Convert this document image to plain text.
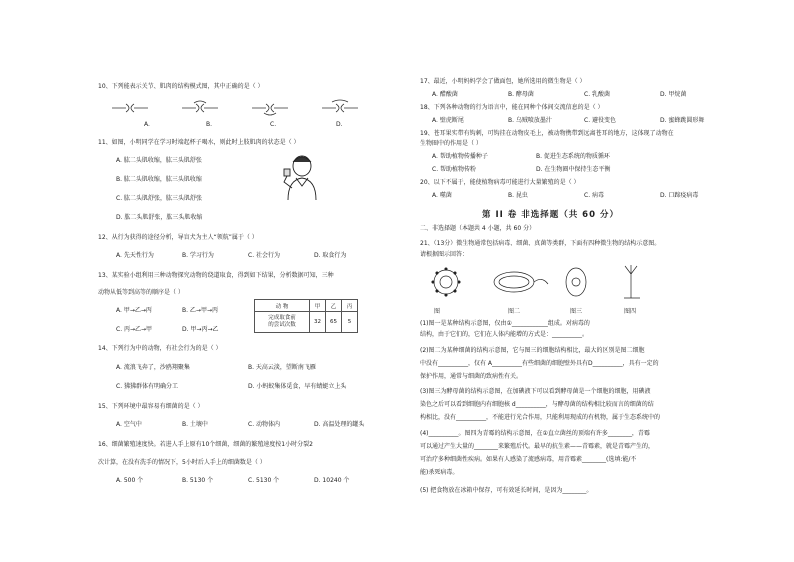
10、下列能表示关节、肌肉的结构模式图，其中正确的是（ ）
A.	B.	C.	D.
11、如图，小明同学在学习时端起杯子喝水，则此时上肢肌肉的状态是（ ）
A. 肱二头肌收缩，肱三头肌舒张
B. 肱二头肌收缩，肱三头肌收缩
C. 肱二头肌舒张，肱三头肌舒张
D. 肱二头肌舒张，肱三头肌收缩
12、从行为获得的途径分析，导盲犬为主人“领航”属于（ ）
A. 先天性行为	B. 学习行为	C. 社会行为	D. 取食行为
13、某实验小组利用三种动物探究动物的绕道取食，得到如下结果，分析数据可知，三种
动物从低等到高等的顺序是（ ）
A. 甲→乙→丙	B. 乙→甲→丙
C. 丙→乙→甲	D. 甲→丙→乙
动 物	甲	乙	丙
完成取食前
的尝试次数	32	65	5
14、下列行为中的动物，有社会行为的是（ ）
A. 流浪飞奔了，沙鸥翔聚集	B. 天高云淡，望断南飞雁
C. 狒狒群体有明确分工	D. 小蚂蚁集体觅食，早有蜻蜓立上头
15、下列环境中最容易有细菌的是（ ）
A. 空气中	B. 土壤中	C. 动物体内	D. 高温处理的罐头
16、细菌繁殖速度快。若进人手上原有10个细菌，细菌的繁殖速度按1小时分裂2
次计算，在没有洗手的情况下，5小时后人手上的细菌数是（ ）
A. 500 个	B. 5130 个	C. 5130 个	D. 10240 个
17、最近，小明妈妈学会了做面包，她所选用的微生物是（ ）
A. 醋酸菌	B. 酵母菌	C. 乳酸菌	D. 甲烷菌
18、下列各种动物的行为语言中，能在同种个体间交流信息的是（ ）
A. 壁虎断尾	B. 乌贼喷放墨汁	C. 避役变色	D. 蜜蜂跳圆形舞
19、苍耳果实带有钩刺，可钩挂在动物皮毛上，被动物携带到远离苍耳的地方，这体现了动物在
生物圈中的作用是（ ）
A. 帮助植物传播种子	B. 促进生态系统的物质循环
C. 帮助植物传粉	D. 在生物圈中保持生态平衡
20、以下不属于，能使植物病毒可能进行大量繁殖的是（ ）
A. 噬菌	B. 昆虫	C. 病毒	D. 口蹄疫病毒
第 II 卷 非选择题（共 60 分）
二、非选择题（本题共 4 小题，共 60 分）
21、（13分）微生物通常包括病毒、细菌、真菌等类群，下面有四种微生物的结构示意图。
请根据图示回答：
图	图二	图三	图四
(1)图一是某种结构示意图，仅由①____________组成。对病毒的
结构，由于它们的，它们在人体内能增的方式是：__________。
(2)图二为某种细菌的结构示意图，它与图三的细胞结构相比，最大的区别是图二细胞
中没有__________，仅有 A__________有些细菌的细胞壁外具有D__________，具有一定的
保护作用，通常与细菌的致病性有关。
(3)图三为酵母菌的结构示意图，在加碘液下可以看到酵母菌是一个细胞的细胞，用碘液
染色之后可以看到细胞内有细胞核 d__________，与酵母菌的结构相比较而言的细菌的结
构相比，没有__________，不能进行光合作用，只能利用现成的有机物，属于生态系统中的
(4)__________。图四为青霉的结构示意图，在①直立菌丝的顶端有许多________，青霉
可以通过产生大量的________来繁殖后代。最早的抗生素——青霉素，就是青霉产生的，
可治疗多种细菌性疾病。如果有人感染了流感病毒，用青霉素________(选填:能/不
能)杀死病毒。
(5) 把食物放在冰箱中保存，可有效延长时间，是因为________。
